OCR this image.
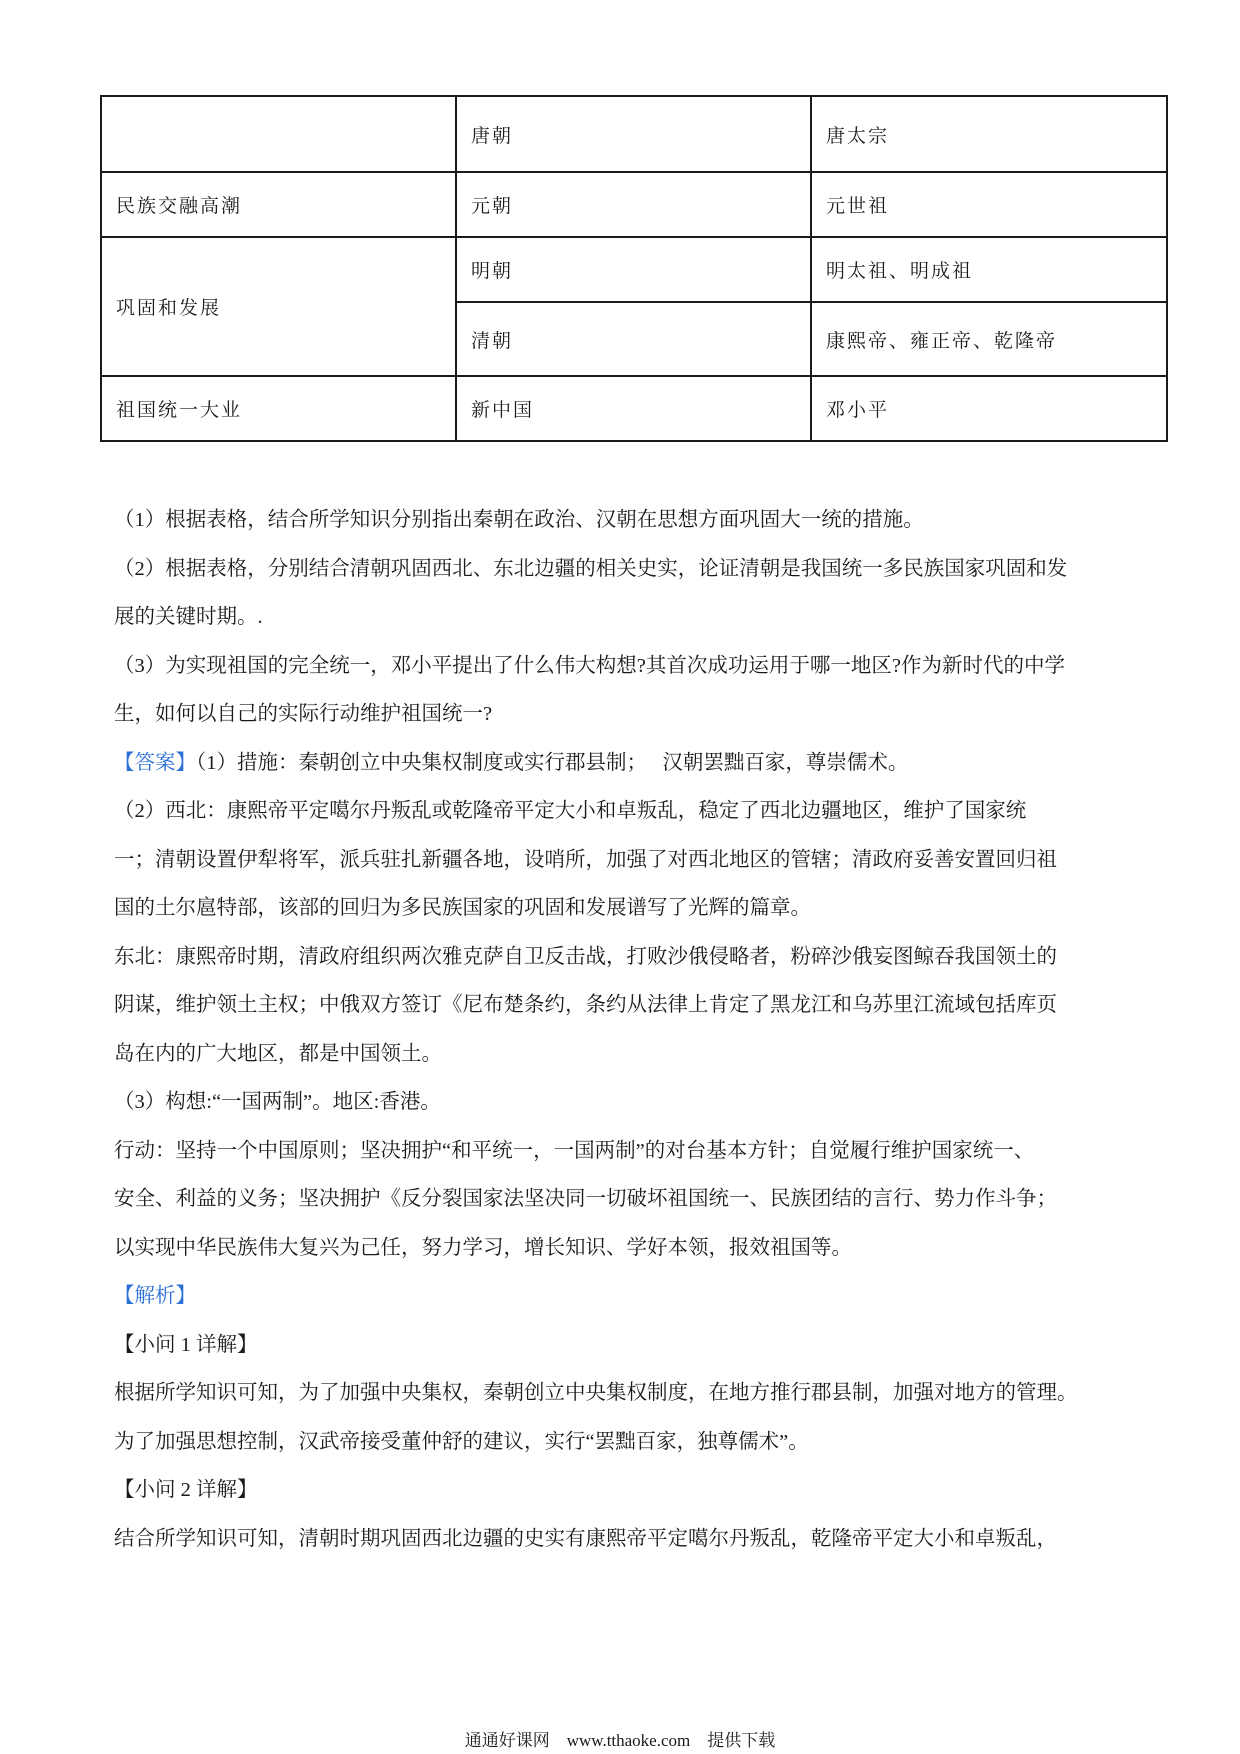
	唐朝	唐太宗
民族交融高潮	元朝	元世祖
巩固和发展	明朝	明太祖、明成祖
	清朝	康熙帝、雍正帝、乾隆帝
祖国统一大业	新中国	邓小平

（1）根据表格，结合所学知识分别指出秦朝在政治、汉朝在思想方面巩固大一统的措施。

（2）根据表格，分别结合清朝巩固西北、东北边疆的相关史实，论证清朝是我国统一多民族国家巩固和发

展的关键时期。.

（3）为实现祖国的完全统一，邓小平提出了什么伟大构想?其首次成功运用于哪一地区?作为新时代的中学

生，如何以自己的实际行动维护祖国统一?

【答案】（1）措施：秦朝创立中央集权制度或实行郡县制；　 汉朝罢黜百家，尊崇儒术。

（2）西北：康熙帝平定噶尔丹叛乱或乾隆帝平定大小和卓叛乱，稳定了西北边疆地区，维护了国家统

一；清朝设置伊犁将军，派兵驻扎新疆各地，设哨所，加强了对西北地区的管辖；清政府妥善安置回归祖

国的土尔扈特部，该部的回归为多民族国家的巩固和发展谱写了光辉的篇章。

东北：康熙帝时期，清政府组织两次雅克萨自卫反击战，打败沙俄侵略者，粉碎沙俄妄图鲸吞我国领土的

阴谋，维护领土主权；中俄双方签订《尼布楚条约，条约从法律上肯定了黑龙江和乌苏里江流域包括库页

岛在内的广大地区，都是中国领土。

（3）构想:“一国两制”。地区:香港。

行动：坚持一个中国原则；坚决拥护“和平统一，一国两制”的对台基本方针；自觉履行维护国家统一、

安全、利益的义务；坚决拥护《反分裂国家法坚决同一切破坏祖国统一、民族团结的言行、势力作斗争；

以实现中华民族伟大复兴为己任，努力学习，增长知识、学好本领，报效祖国等。

【解析】

【小问 1 详解】

根据所学知识可知，为了加强中央集权，秦朝创立中央集权制度，在地方推行郡县制，加强对地方的管理。

为了加强思想控制，汉武帝接受董仲舒的建议，实行“罢黜百家，独尊儒术”。

【小问 2 详解】

结合所学知识可知，清朝时期巩固西北边疆的史实有康熙帝平定噶尔丹叛乱，乾隆帝平定大小和卓叛乱，

通通好课网　www.tthaoke.com　提供下载
